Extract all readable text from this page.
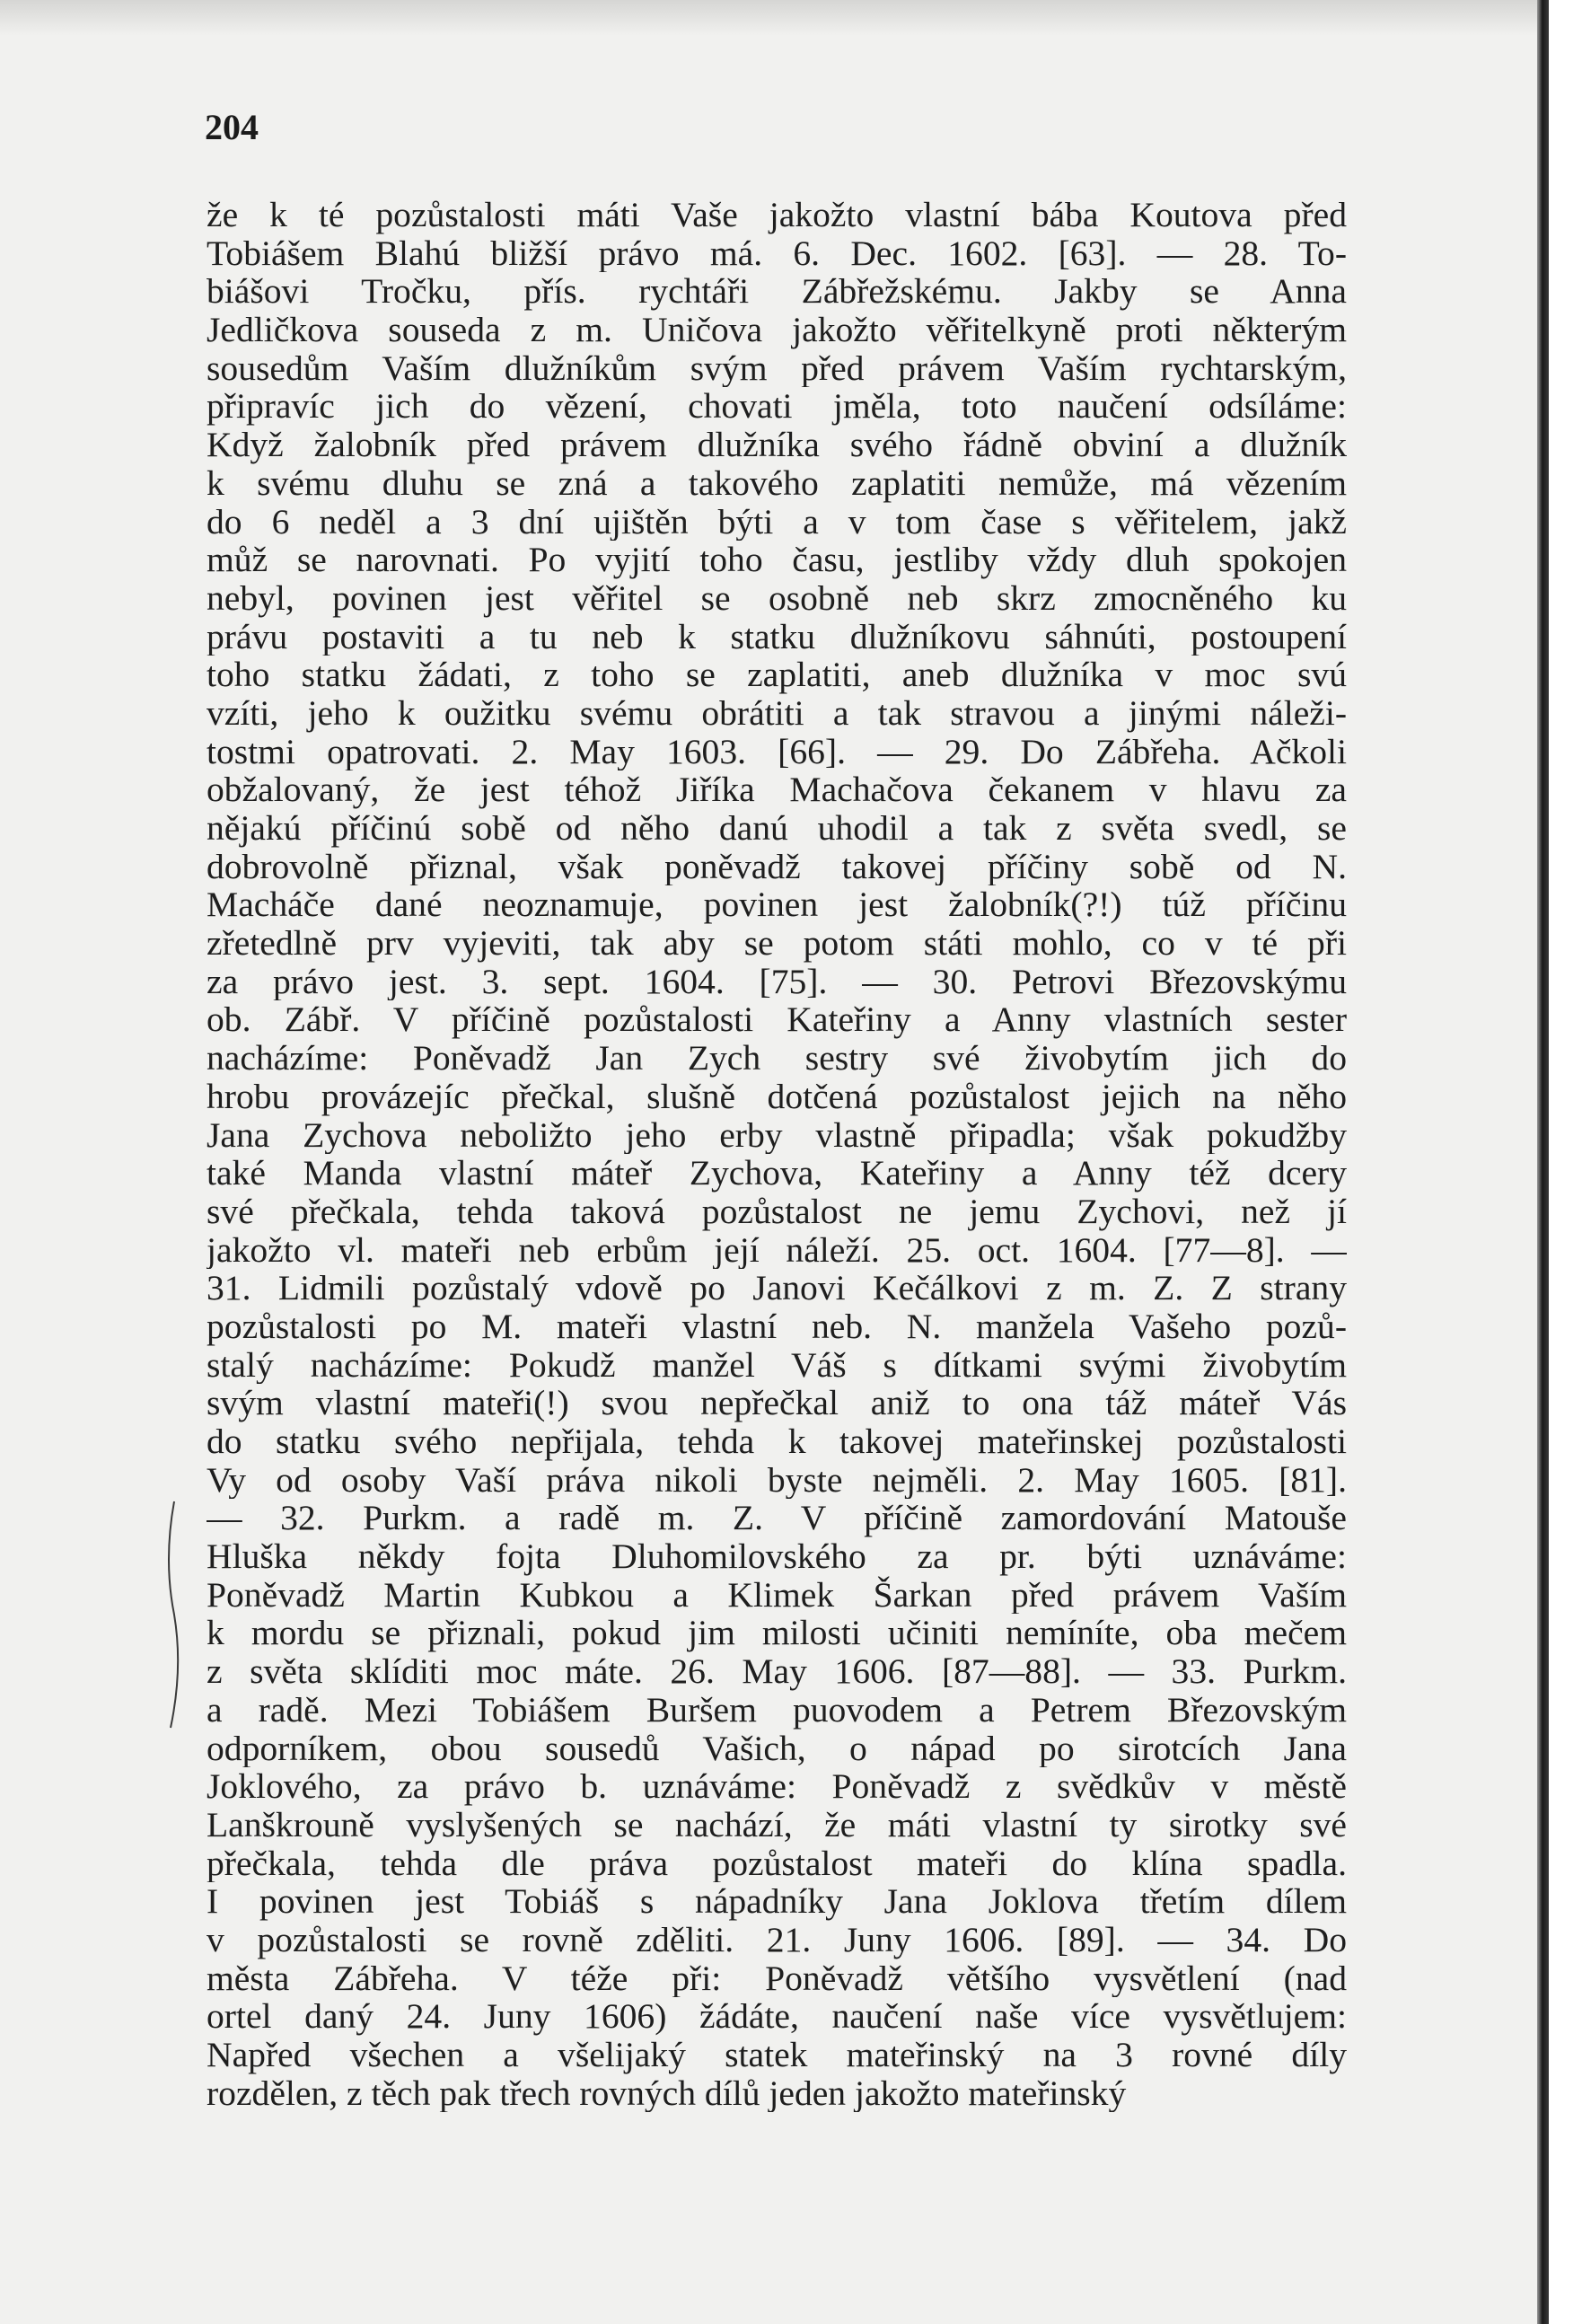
204

že k té pozůstalosti máti Vaše jakožto vlastní bába Koutova před
Tobiášem Blahú bližší právo má. 6. Dec. 1602. [63]. — 28. To-
biášovi Tročku, přís. rychtáři Zábřežskému. Jakby se Anna
Jedličkova souseda z m. Uničova jakožto věřitelkyně proti některým
sousedům Vaším dlužníkům svým před právem Vaším rychtarským,
připravíc jich do vězení, chovati jměla, toto naučení odsíláme:
Když žalobník před právem dlužníka svého řádně obviní a dlužník
k svému dluhu se zná a takového zaplatiti nemůže, má vězením
do 6 neděl a 3 dní ujištěn býti a v tom čase s věřitelem, jakž
můž se narovnati. Po vyjití toho času, jestliby vždy dluh spokojen
nebyl, povinen jest věřitel se osobně neb skrz zmocněného ku
právu postaviti a tu neb k statku dlužníkovu sáhnúti, postoupení
toho statku žádati, z toho se zaplatiti, aneb dlužníka v moc svú
vzíti, jeho k oužitku svému obrátiti a tak stravou a jinými náleži-
tostmi opatrovati. 2. May 1603. [66]. — 29. Do Zábřeha. Ačkoli
obžalovaný, že jest téhož Jiříka Machačova čekanem v hlavu za
nějakú příčinú sobě od něho danú uhodil a tak z světa svedl, se
dobrovolně přiznal, však poněvadž takovej příčiny sobě od N.
Macháče dané neoznamuje, povinen jest žalobník(?!) túž příčinu
zřetedlně prv vyjeviti, tak aby se potom státi mohlo, co v té při
za právo jest. 3. sept. 1604. [75]. — 30. Petrovi Březovskýmu
ob. Zábř. V příčině pozůstalosti Kateřiny a Anny vlastních sester
nacházíme: Poněvadž Jan Zych sestry své živobytím jich do
hrobu provázejíc přečkal, slušně dotčená pozůstalost jejich na něho
Jana Zychova neboližto jeho erby vlastně připadla; však pokudžby
také Manda vlastní máteř Zychova, Kateřiny a Anny též dcery
své přečkala, tehda taková pozůstalost ne jemu Zychovi, než jí
jakožto vl. mateři neb erbům její náleží. 25. oct. 1604. [77—8]. —
31. Lidmili pozůstalý vdově po Janovi Kečálkovi z m. Z. Z strany
pozůstalosti po M. mateři vlastní neb. N. manžela Vašeho pozů-
stalý nacházíme: Pokudž manžel Váš s dítkami svými živobytím
svým vlastní mateři(!) svou nepřečkal aniž to ona táž máteř Vás
do statku svého nepřijala, tehda k takovej mateřinskej pozůstalosti
Vy od osoby Vaší práva nikoli byste nejměli. 2. May 1605. [81].
— 32. Purkm. a radě m. Z. V příčině zamordování Matouše
Hluška někdy fojta Dluhomilovského za pr. býti uznáváme:
Poněvadž Martin Kubkou a Klimek Šarkan před právem Vaším
k mordu se přiznali, pokud jim milosti učiniti nemíníte, oba mečem
z světa sklíditi moc máte. 26. May 1606. [87—88]. — 33. Purkm.
a radě. Mezi Tobiášem Buršem puovodem a Petrem Březovským
odporníkem, obou sousedů Vašich, o nápad po sirotcích Jana
Joklového, za právo b. uznáváme: Poněvadž z svědkův v městě
Lanškrouně vyslyšených se nachází, že máti vlastní ty sirotky své
přečkala, tehda dle práva pozůstalost mateři do klína spadla.
I povinen jest Tobiáš s nápadníky Jana Joklova třetím dílem
v pozůstalosti se rovně zděliti. 21. Juny 1606. [89]. — 34. Do
města Zábřeha. V téže při: Poněvadž většího vysvětlení (nad
ortel daný 24. Juny 1606) žádáte, naučení naše více vysvětlujem:
Napřed všechen a všelijaký statek mateřinský na 3 rovné díly
rozdělen, z těch pak třech rovných dílů jeden jakožto mateřinský
